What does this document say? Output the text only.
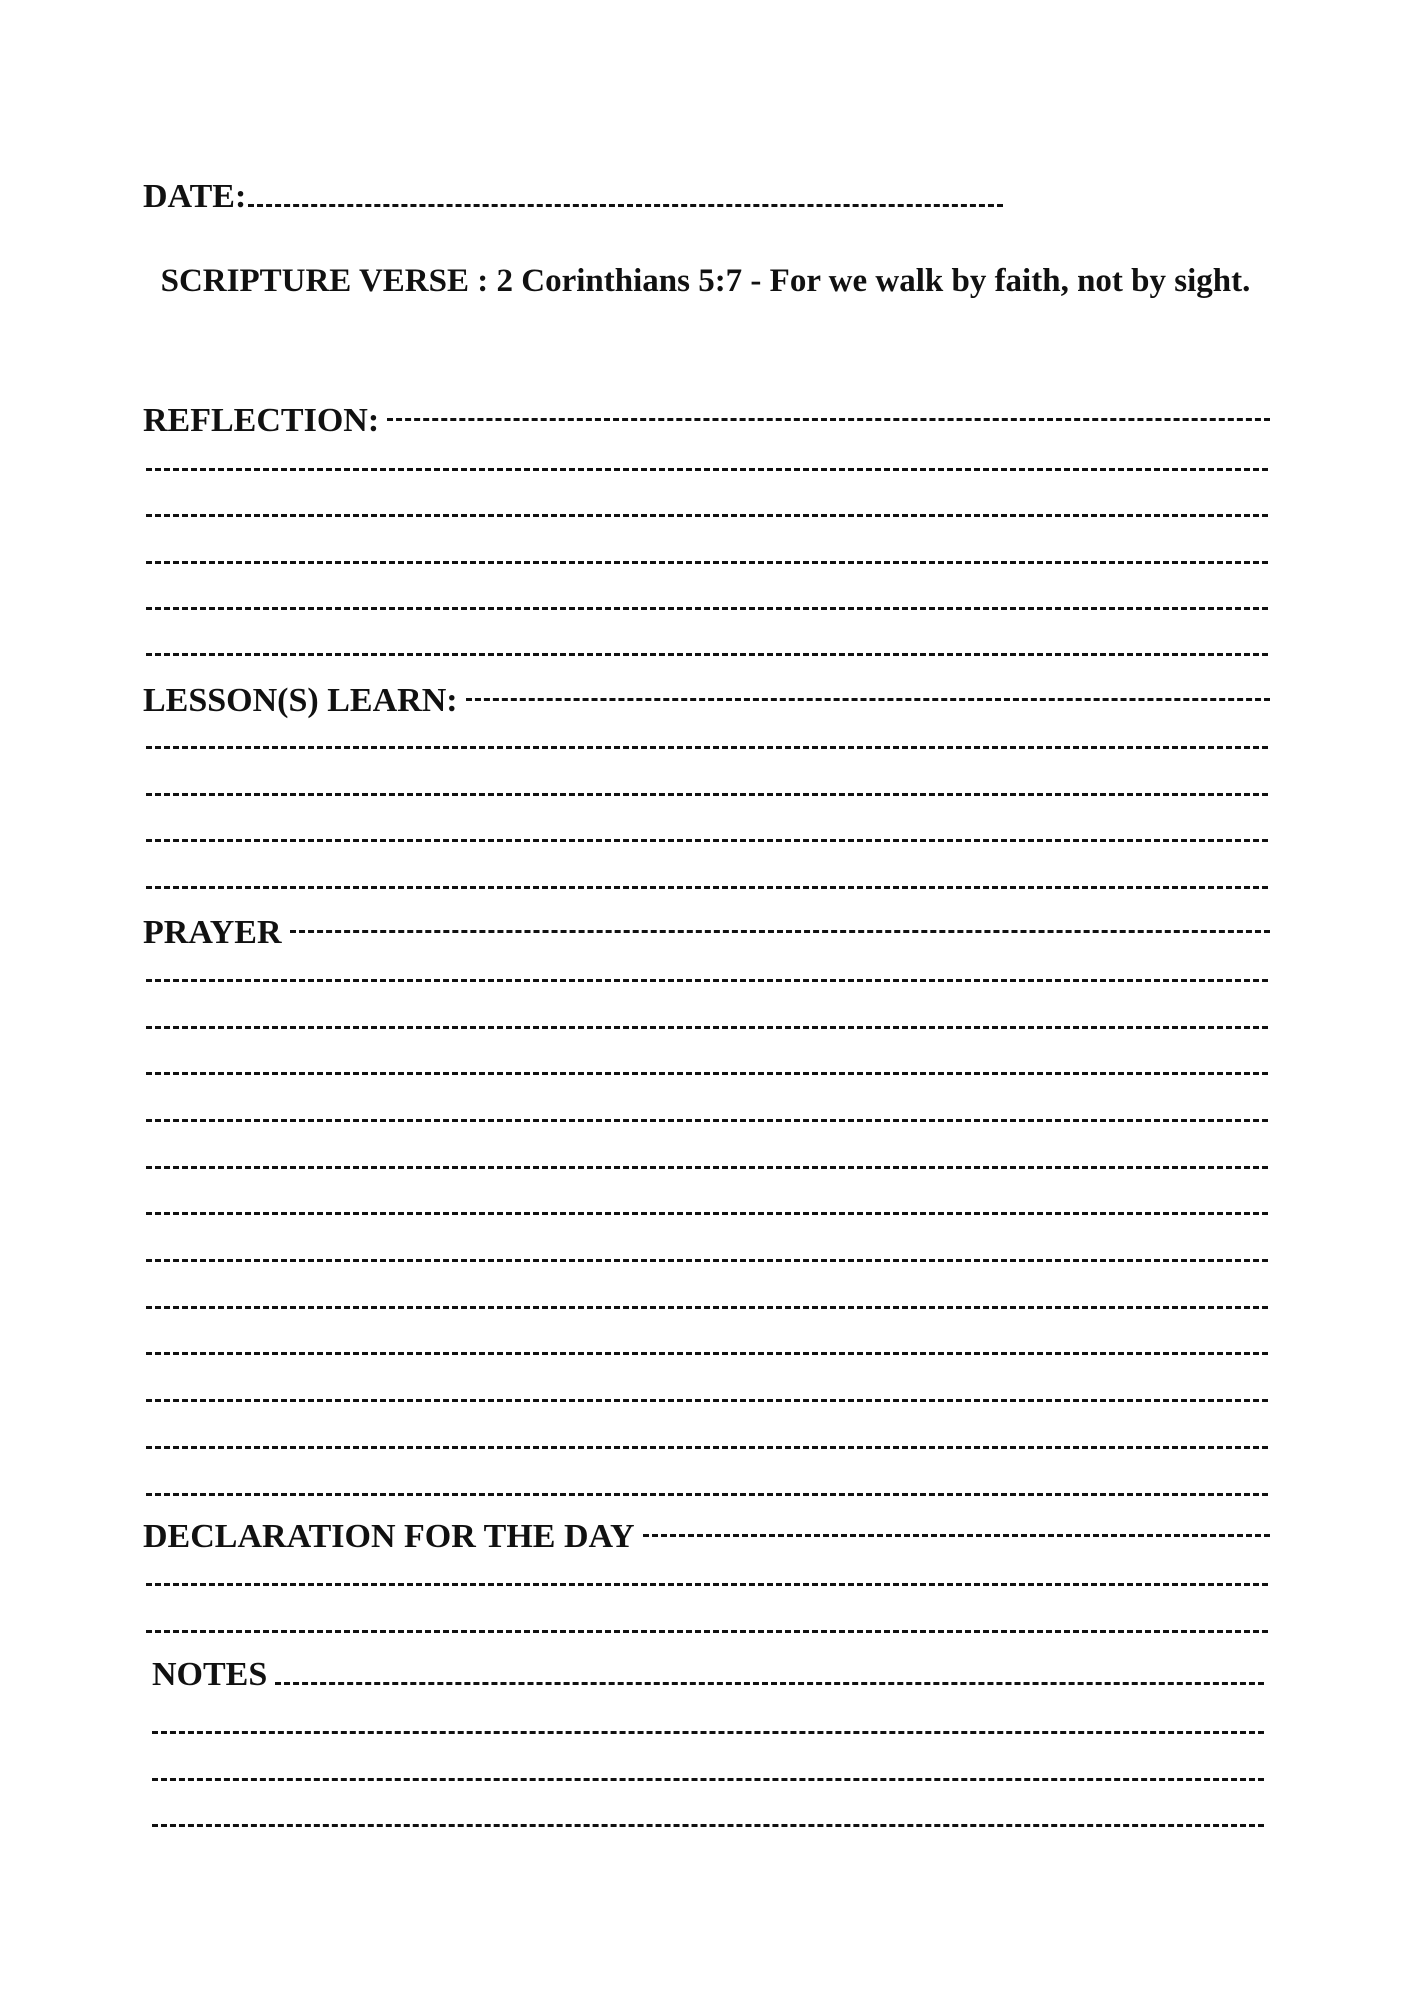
DATE:
SCRIPTURE VERSE : 2 Corinthians 5:7 - For we walk by faith, not by sight.
REFLECTION:
LESSON(S) LEARN:
PRAYER
DECLARATION FOR THE DAY
NOTES
